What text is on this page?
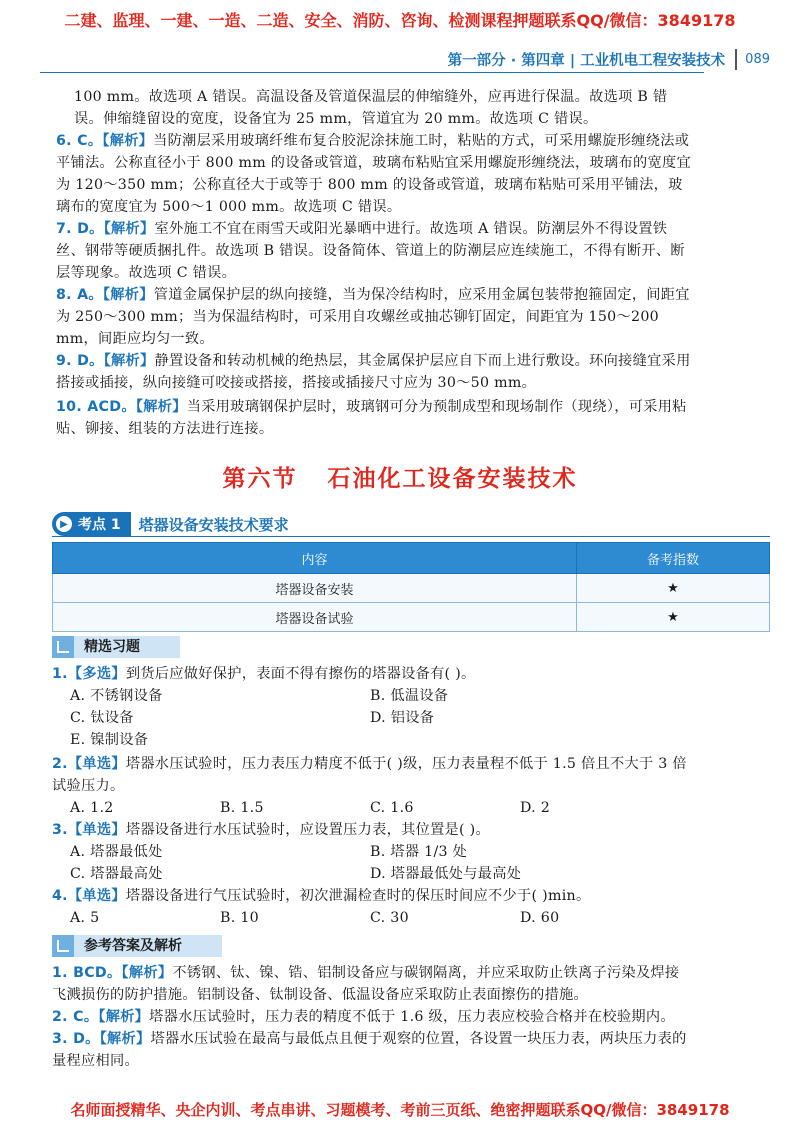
二建、监理、一建、一造、二造、安全、消防、咨询、检测课程押题联系QQ/微信：3849178
第一部分 · 第四章 | 工业机电工程安装技术	089
100 mm。故选项 A 错误。高温设备及管道保温层的伸缩缝外，应再进行保温。故选项 B 错误。伸缩缝留设的宽度，设备宜为 25 mm，管道宜为 20 mm。故选项 C 错误。
6. C。【解析】当防潮层采用玻璃纤维布复合胶泥涂抹施工时，粘贴的方式，可采用螺旋形缠绕法或平铺法。公称直径小于 800 mm 的设备或管道，玻璃布粘贴宜采用螺旋形缠绕法，玻璃布的宽度宜为 120～350 mm；公称直径大于或等于 800 mm 的设备或管道，玻璃布粘贴可采用平铺法，玻璃布的宽度宜为 500～1 000 mm。故选项 C 错误。
7. D。【解析】室外施工不宜在雨雪天或阳光暴晒中进行。故选项 A 错误。防潮层外不得设置铁丝、钢带等硬质捆扎件。故选项 B 错误。设备简体、管道上的防潮层应连续施工，不得有断开、断层等现象。故选项 C 错误。
8. A。【解析】管道金属保护层的纵向接缝，当为保冷结构时，应采用金属包装带抱箍固定，间距宜为 250～300 mm；当为保温结构时，可采用自攻螺丝或抽芯铆钉固定，间距宜为 150～200 mm，间距应均匀一致。
9. D。【解析】静置设备和转动机械的绝热层，其金属保护层应自下而上进行敷设。环向接缝宜采用搭接或插接，纵向接缝可咬接或搭接，搭接或插接尺寸应为 30～50 mm。
10. ACD。【解析】当采用玻璃钢保护层时，玻璃钢可分为预制成型和现场制作（现绕），可采用粘贴、铆接、组装的方法进行连接。
第六节 石油化工设备安装技术
▶ 考点 1 塔器设备安装技术要求
内容	备考指数
塔器设备安装	★
塔器设备试验	★
精选习题
1.【多选】到货后应做好保护，表面不得有擦伤的塔器设备有( )。
A. 不锈钢设备	B. 低温设备
C. 钛设备	D. 铝设备
E. 镍制设备
2.【单选】塔器水压试验时，压力表压力精度不低于( )级，压力表量程不低于 1.5 倍且不大于 3 倍试验压力。
A. 1.2	B. 1.5	C. 1.6	D. 2
3.【单选】塔器设备进行水压试验时，应设置压力表，其位置是( )。
A. 塔器最低处	B. 塔器 1/3 处
C. 塔器最高处	D. 塔器最低处与最高处
4.【单选】塔器设备进行气压试验时，初次泄漏检查时的保压时间应不少于( )min。
A. 5	B. 10	C. 30	D. 60
参考答案及解析
1. BCD。【解析】不锈钢、钛、镍、锆、铝制设备应与碳钢隔离，并应采取防止铁离子污染及焊接飞溅损伤的防护措施。铝制设备、钛制设备、低温设备应采取防止表面擦伤的措施。
2. C。【解析】塔器水压试验时，压力表的精度不低于 1.6 级，压力表应校验合格并在校验期内。
3. D。【解析】塔器水压试验在最高与最低点且便于观察的位置，各设置一块压力表，两块压力表的量程应相同。
名师面授精华、央企内训、考点串讲、习题模考、考前三页纸、绝密押题联系QQ/微信：3849178
